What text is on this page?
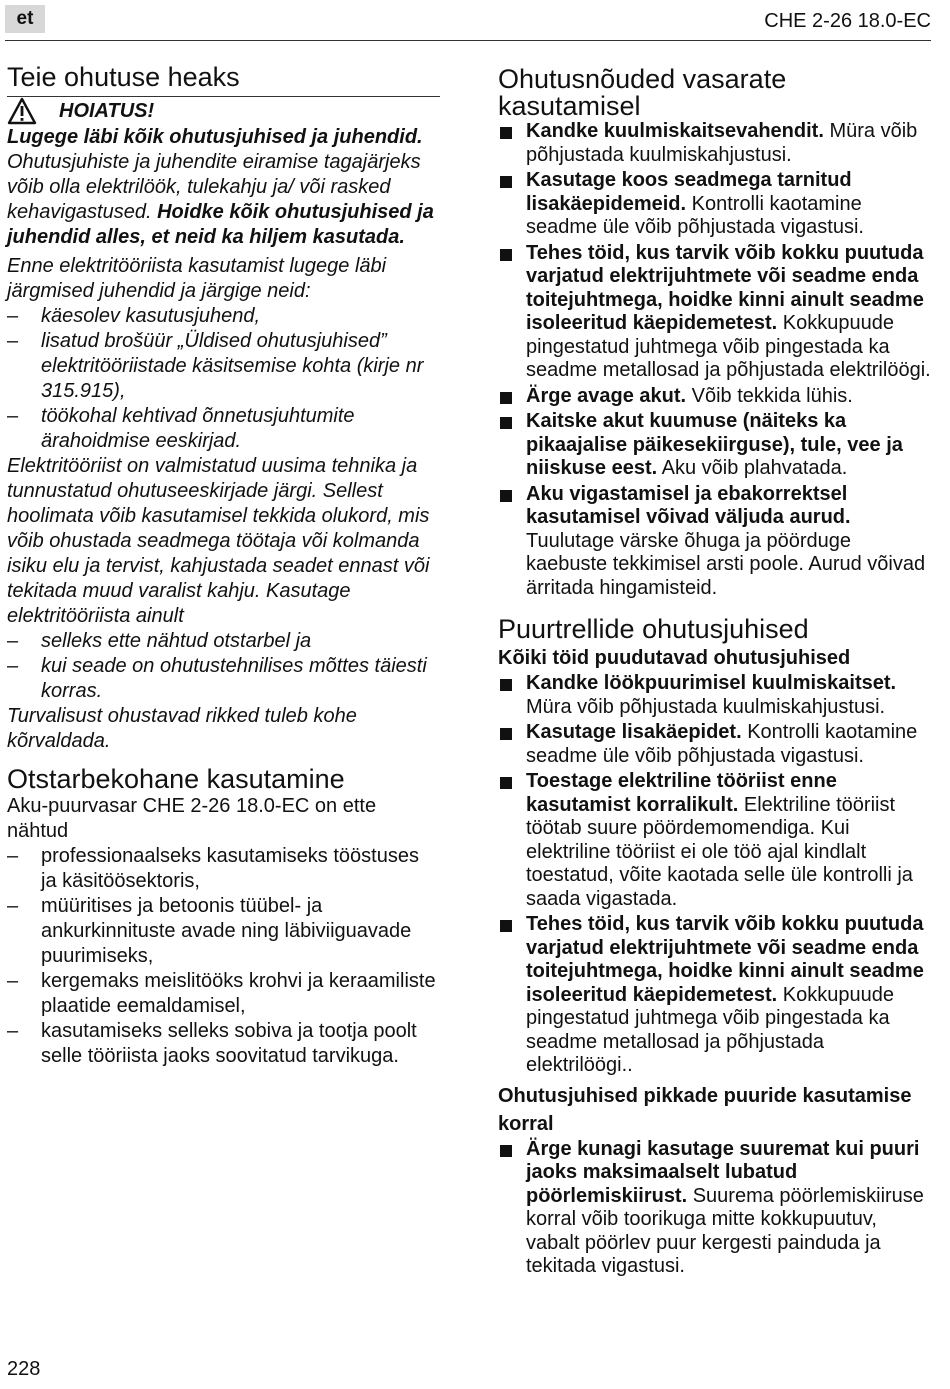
et	CHE 2-26 18.0-EC
Teie ohutuse heaks
HOIATUS!

Lugege läbi kõik ohutusjuhised ja juhendid. Ohutusjuhiste ja juhendite eiramise tagajärjeks võib olla elektrilöök, tulekahju ja/ või rasked kehavigastused. Hoidke kõik ohutusjuhised ja juhendid alles, et neid ka hiljem kasutada.

Enne elektritööriista kasutamist lugege läbi järgmised juhendid ja järgige neid:

– käesolev kasutusjuhend,
– lisatud brošüür „Üldised ohutusjuhised” elektritööriistade käsitsemise kohta (kirje nr 315.915),
– töökohal kehtivad õnnetusjuhtumite ärahoidmise eeskirjad.

Elektritööriist on valmistatud uusima tehnika ja tunnustatud ohutuseeskirjade järgi. Sellest hoolimata võib kasutamisel tekkida olukord, mis võib ohustada seadmega töötaja või kolmanda isiku elu ja tervist, kahjustada seadet ennast või tekitada muud varalist kahju. Kasutage elektritööriista ainult

– selleks ette nähtud otstarbel ja
– kui seade on ohutustehnilises mõttes täiesti korras.

Turvalisust ohustavad rikked tuleb kohe kõrvaldada.

Otstarbekohane kasutamine

Aku-puurvasar CHE 2-26 18.0-EC on ette nähtud

– professionaalseks kasutamiseks tööstuses ja käsitöösektoris,
– müüritises ja betoonis tüübel- ja ankurkinnituste avade ning läbiviiguavade puurimiseks,
– kergemaks meislitööks krohvi ja keraamiliste plaatide eemaldamisel,
– kasutamiseks selleks sobiva ja tootja poolt selle tööriista jaoks soovitatud tarvikuga.
Ohutusnõuded vasarate kasutamisel
Kandke kuulmiskaitsevahendit. Müra võib põhjustada kuulmiskahjustusi.
Kasutage koos seadmega tarnitud lisakäepidemeid. Kontrolli kaotamine seadme üle võib põhjustada vigastusi.
Tehes töid, kus tarvik võib kokku puutuda varjatud elektrijuhtmete või seadme enda toitejuhtmega, hoidke kinni ainult seadme isoleeritud käepidemetest. Kokkupuude pingestatud juhtmega võib pingestada ka seadme metallosad ja põhjustada elektrilöögi.
Ärge avage akut. Võib tekkida lühis.
Kaitske akut kuumuse (näiteks ka pikaajalise päikesekiirguse), tule, vee ja niiskuse eest. Aku võib plahvatada.
Aku vigastamisel ja ebakorrektsel kasutamisel võivad väljuda aurud. Tuulutage värske õhuga ja pöörduge kaebuste tekkimisel arsti poole. Aurud võivad ärritada hingamisteid.
Puurtrellide ohutusjuhised
Kõiki töid puudutavad ohutusjuhised
Kandke löökpuurimisel kuulmiskaitset. Müra võib põhjustada kuulmiskahjustusi.
Kasutage lisakäepidet. Kontrolli kaotamine seadme üle võib põhjustada vigastusi.
Toestage elektriline tööriist enne kasutamist korralikult. Elektriline tööriist töötab suure pöördemomendiga. Kui elektriline tööriist ei ole töö ajal kindlalt toestatud, võite kaotada selle üle kontrolli ja saada vigastada.
Tehes töid, kus tarvik võib kokku puutuda varjatud elektrijuhtmete või seadme enda toitejuhtmega, hoidke kinni ainult seadme isoleeritud käepidemetest. Kokkupuude pingestatud juhtmega võib pingestada ka seadme metallosad ja põhjustada elektrilöögi..
Ohutusjuhised pikkade puuride kasutamise korral
Ärge kunagi kasutage suuremat kui puuri jaoks maksimaalselt lubatud pöörlemiskiirust. Suurema pöörlemiskiiruse korral võib toorikuga mitte kokkupuutuv, vabalt pöörlev puur kergesti painduda ja tekitada vigastusi.
228
